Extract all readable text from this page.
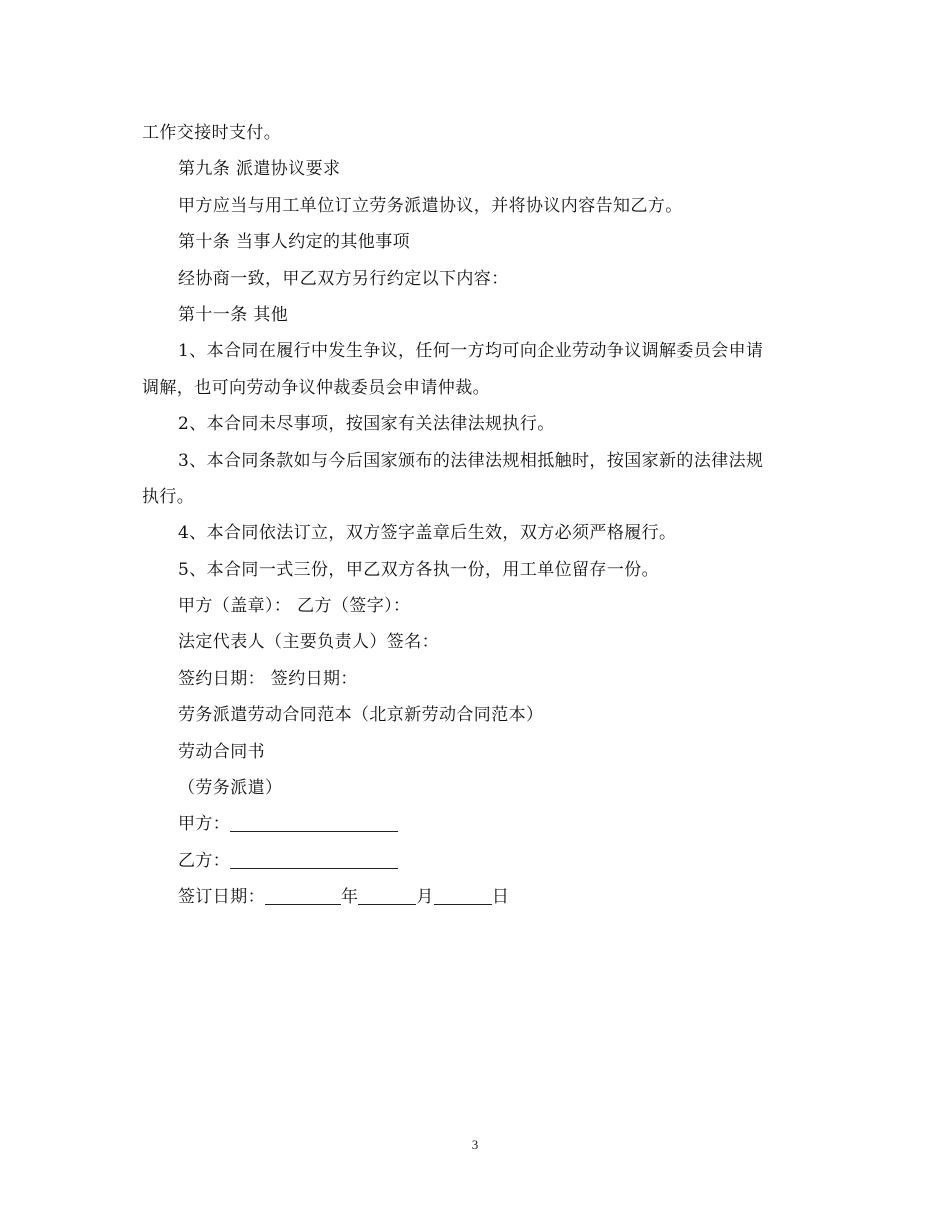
工作交接时支付。
第九条 派遣协议要求
甲方应当与用工单位订立劳务派遣协议，并将协议内容告知乙方。
第十条 当事人约定的其他事项
经协商一致，甲乙双方另行约定以下内容：
第十一条 其他
1、本合同在履行中发生争议，任何一方均可向企业劳动争议调解委员会申请
调解，也可向劳动争议仲裁委员会申请仲裁。
2、本合同未尽事项，按国家有关法律法规执行。
3、本合同条款如与今后国家颁布的法律法规相抵触时，按国家新的法律法规
执行。
4、本合同依法订立，双方签字盖章后生效，双方必须严格履行。
5、本合同一式三份，甲乙双方各执一份，用工单位留存一份。
甲方（盖章）： 乙方（签字）：
法定代表人（主要负责人）签名：
签约日期： 签约日期：
劳务派遣劳动合同范本（北京新劳动合同范本）
劳动合同书
（劳务派遣）
甲方：
乙方：
签订日期：	年	月	日
3
